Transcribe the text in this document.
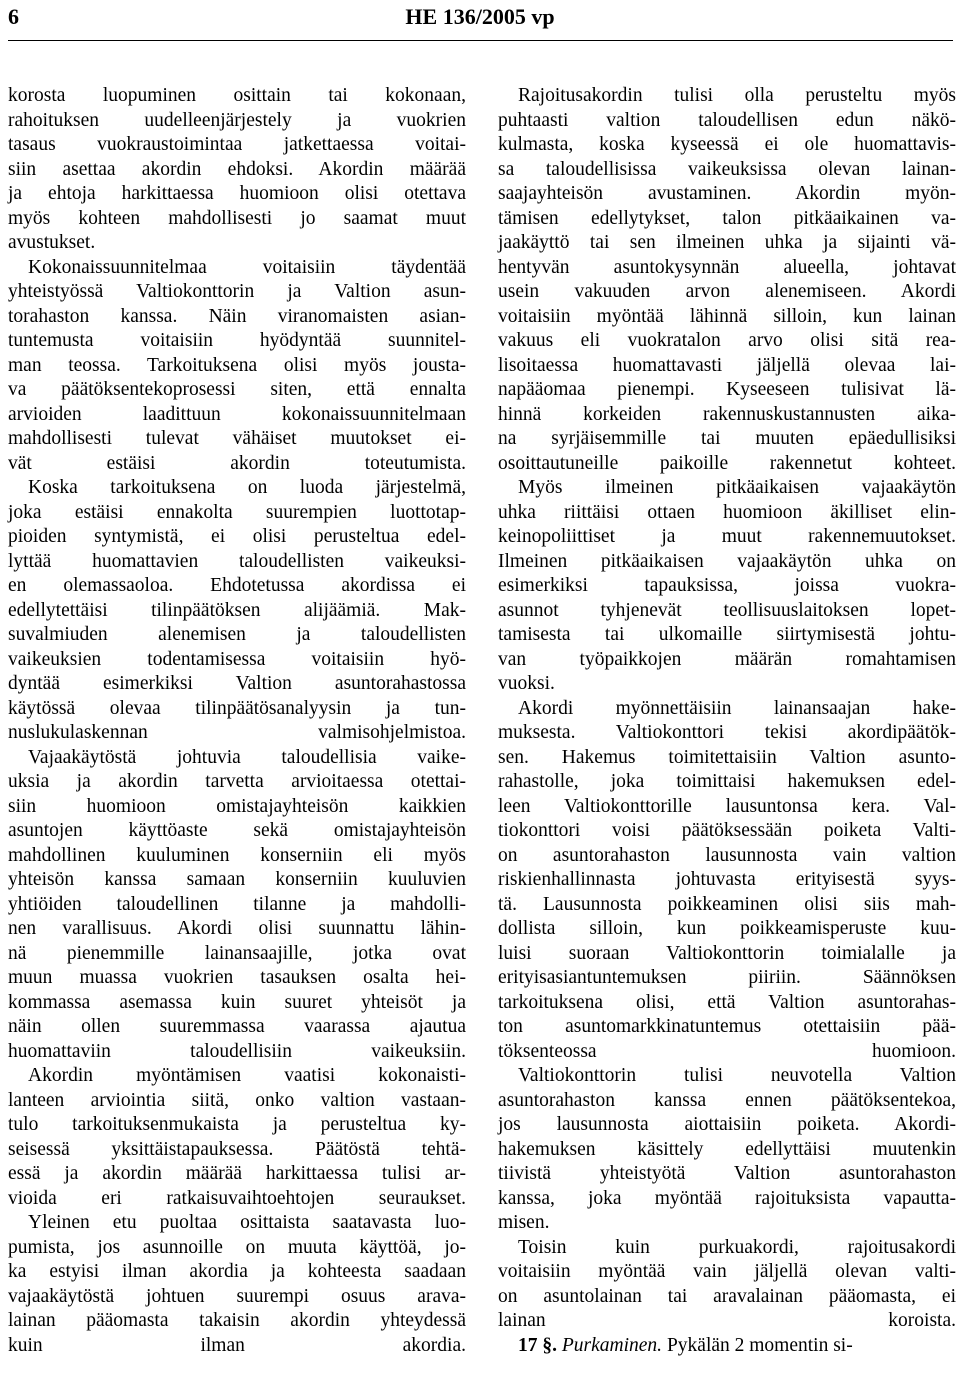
6	HE 136/2005 vp
korosta luopuminen osittain tai kokonaan,
rahoituksen uudelleenjärjestely ja vuokrien
tasaus vuokraustoimintaa jatkettaessa voitai-
siin asettaa akordin ehdoksi. Akordin määrää
ja ehtoja harkittaessa huomioon olisi otettava
myös kohteen mahdollisesti jo saamat muut
avustukset.
Kokonaissuunnitelmaa voitaisiin täydentää
yhteistyössä Valtiokonttorin ja Valtion asun-
torahaston kanssa. Näin viranomaisten asian-
tuntemusta voitaisiin hyödyntää suunnitel-
man teossa. Tarkoituksena olisi myös jousta-
va päätöksentekoprosessi siten, että ennalta
arvioiden laadittuun kokonaissuunnitelmaan
mahdollisesti tulevat vähäiset muutokset ei-
vät estäisi akordin toteutumista.
Koska tarkoituksena on luoda järjestelmä,
joka estäisi ennakolta suurempien luottotap-
pioiden syntymistä, ei olisi perusteltua edel-
lyttää huomattavien taloudellisten vaikeuksi-
en olemassaoloa. Ehdotetussa akordissa ei
edellytettäisi tilinpäätöksen alijäämiä. Mak-
suvalmiuden alenemisen ja taloudellisten
vaikeuksien todentamisessa voitaisiin hyö-
dyntää esimerkiksi Valtion asuntorahastossa
käytössä olevaa tilinpäätösanalyysin ja tun-
nuslukulaskennan valmisohjelmistoa.
Vajaakäytöstä johtuvia taloudellisia vaike-
uksia ja akordin tarvetta arvioitaessa otettai-
siin huomioon omistajayhteisön kaikkien
asuntojen käyttöaste sekä omistajayhteisön
mahdollinen kuuluminen konserniin eli myös
yhteisön kanssa samaan konserniin kuuluvien
yhtiöiden taloudellinen tilanne ja mahdolli-
nen varallisuus. Akordi olisi suunnattu lähin-
nä pienemmille lainansaajille, jotka ovat
muun muassa vuokrien tasauksen osalta hei-
kommassa asemassa kuin suuret yhteisöt ja
näin ollen suuremmassa vaarassa ajautua
huomattaviin taloudellisiin vaikeuksiin.
Akordin myöntämisen vaatisi kokonaisti-
lanteen arviointia siitä, onko valtion vastaan-
tulo tarkoituksenmukaista ja perusteltua ky-
seisessä yksittäistapauksessa. Päätöstä tehtä-
essä ja akordin määrää harkittaessa tulisi ar-
vioida eri ratkaisuvaihtoehtojen seuraukset.
Yleinen etu puoltaa osittaista saatavasta luo-
pumista, jos asunnoille on muuta käyttöä, jo-
ka estyisi ilman akordia ja kohteesta saadaan
vajaakäytöstä johtuen suurempi osuus arava-
lainan pääomasta takaisin akordin yhteydessä
kuin ilman akordia.
Rajoitusakordin tulisi olla perusteltu myös
puhtaasti valtion taloudellisen edun näkö-
kulmasta, koska kyseessä ei ole huomattavis-
sa taloudellisissa vaikeuksissa olevan lainan-
saajayhteisön avustaminen. Akordin myön-
tämisen edellytykset, talon pitkäaikainen va-
jaakäyttö tai sen ilmeinen uhka ja sijainti vä-
hentyvän asuntokysynnän alueella, johtavat
usein vakuuden arvon alenemiseen. Akordi
voitaisiin myöntää lähinnä silloin, kun lainan
vakuus eli vuokratalon arvo olisi sitä rea-
lisoitaessa huomattavasti jäljellä olevaa lai-
napääomaa pienempi. Kyseeseen tulisivat lä-
hinnä korkeiden rakennuskustannusten aika-
na syrjäisemmille tai muuten epäedullisiksi
osoittautuneille paikoille rakennetut kohteet.
Myös ilmeinen pitkäaikaisen vajaakäytön
uhka riittäisi ottaen huomioon äkilliset elin-
keinopoliittiset ja muut rakennemuutokset.
Ilmeinen pitkäaikaisen vajaakäytön uhka on
esimerkiksi tapauksissa, joissa vuokra-
asunnot tyhjenevät teollisuuslaitoksen lopet-
tamisesta tai ulkomaille siirtymisestä johtu-
van työpaikkojen määrän romahtamisen
vuoksi.
Akordi myönnettäisiin lainansaajan hake-
muksesta. Valtiokonttori tekisi akordipäätök-
sen. Hakemus toimitettaisiin Valtion asunto-
rahastolle, joka toimittaisi hakemuksen edel-
leen Valtiokonttorille lausuntonsa kera. Val-
tiokonttori voisi päätöksessään poiketa Valti-
on asuntorahaston lausunnosta vain valtion
riskienhallinnasta johtuvasta erityisestä syys-
tä. Lausunnosta poikkeaminen olisi siis mah-
dollista silloin, kun poikkeamisperuste kuu-
luisi suoraan Valtiokonttorin toimialalle ja
erityisasiantuntemuksen piiriin. Säännöksen
tarkoituksena olisi, että Valtion asuntorahas-
ton asuntomarkkinatuntemus otettaisiin pää-
töksenteossa huomioon.
Valtiokonttorin tulisi neuvotella Valtion
asuntorahaston kanssa ennen päätöksentekoa,
jos lausunnosta aiottaisiin poiketa. Akordi-
hakemuksen käsittely edellyttäisi muutenkin
tiivistä yhteistyötä Valtion asuntorahaston
kanssa, joka myöntää rajoituksista vapautta-
misen.
Toisin kuin purkuakordi, rajoitusakordi
voitaisiin myöntää vain jäljellä olevan valti-
on asuntolainan tai aravalainan pääomasta, ei
lainan koroista.
17 §. Purkaminen. Pykälän 2 momentin si-
